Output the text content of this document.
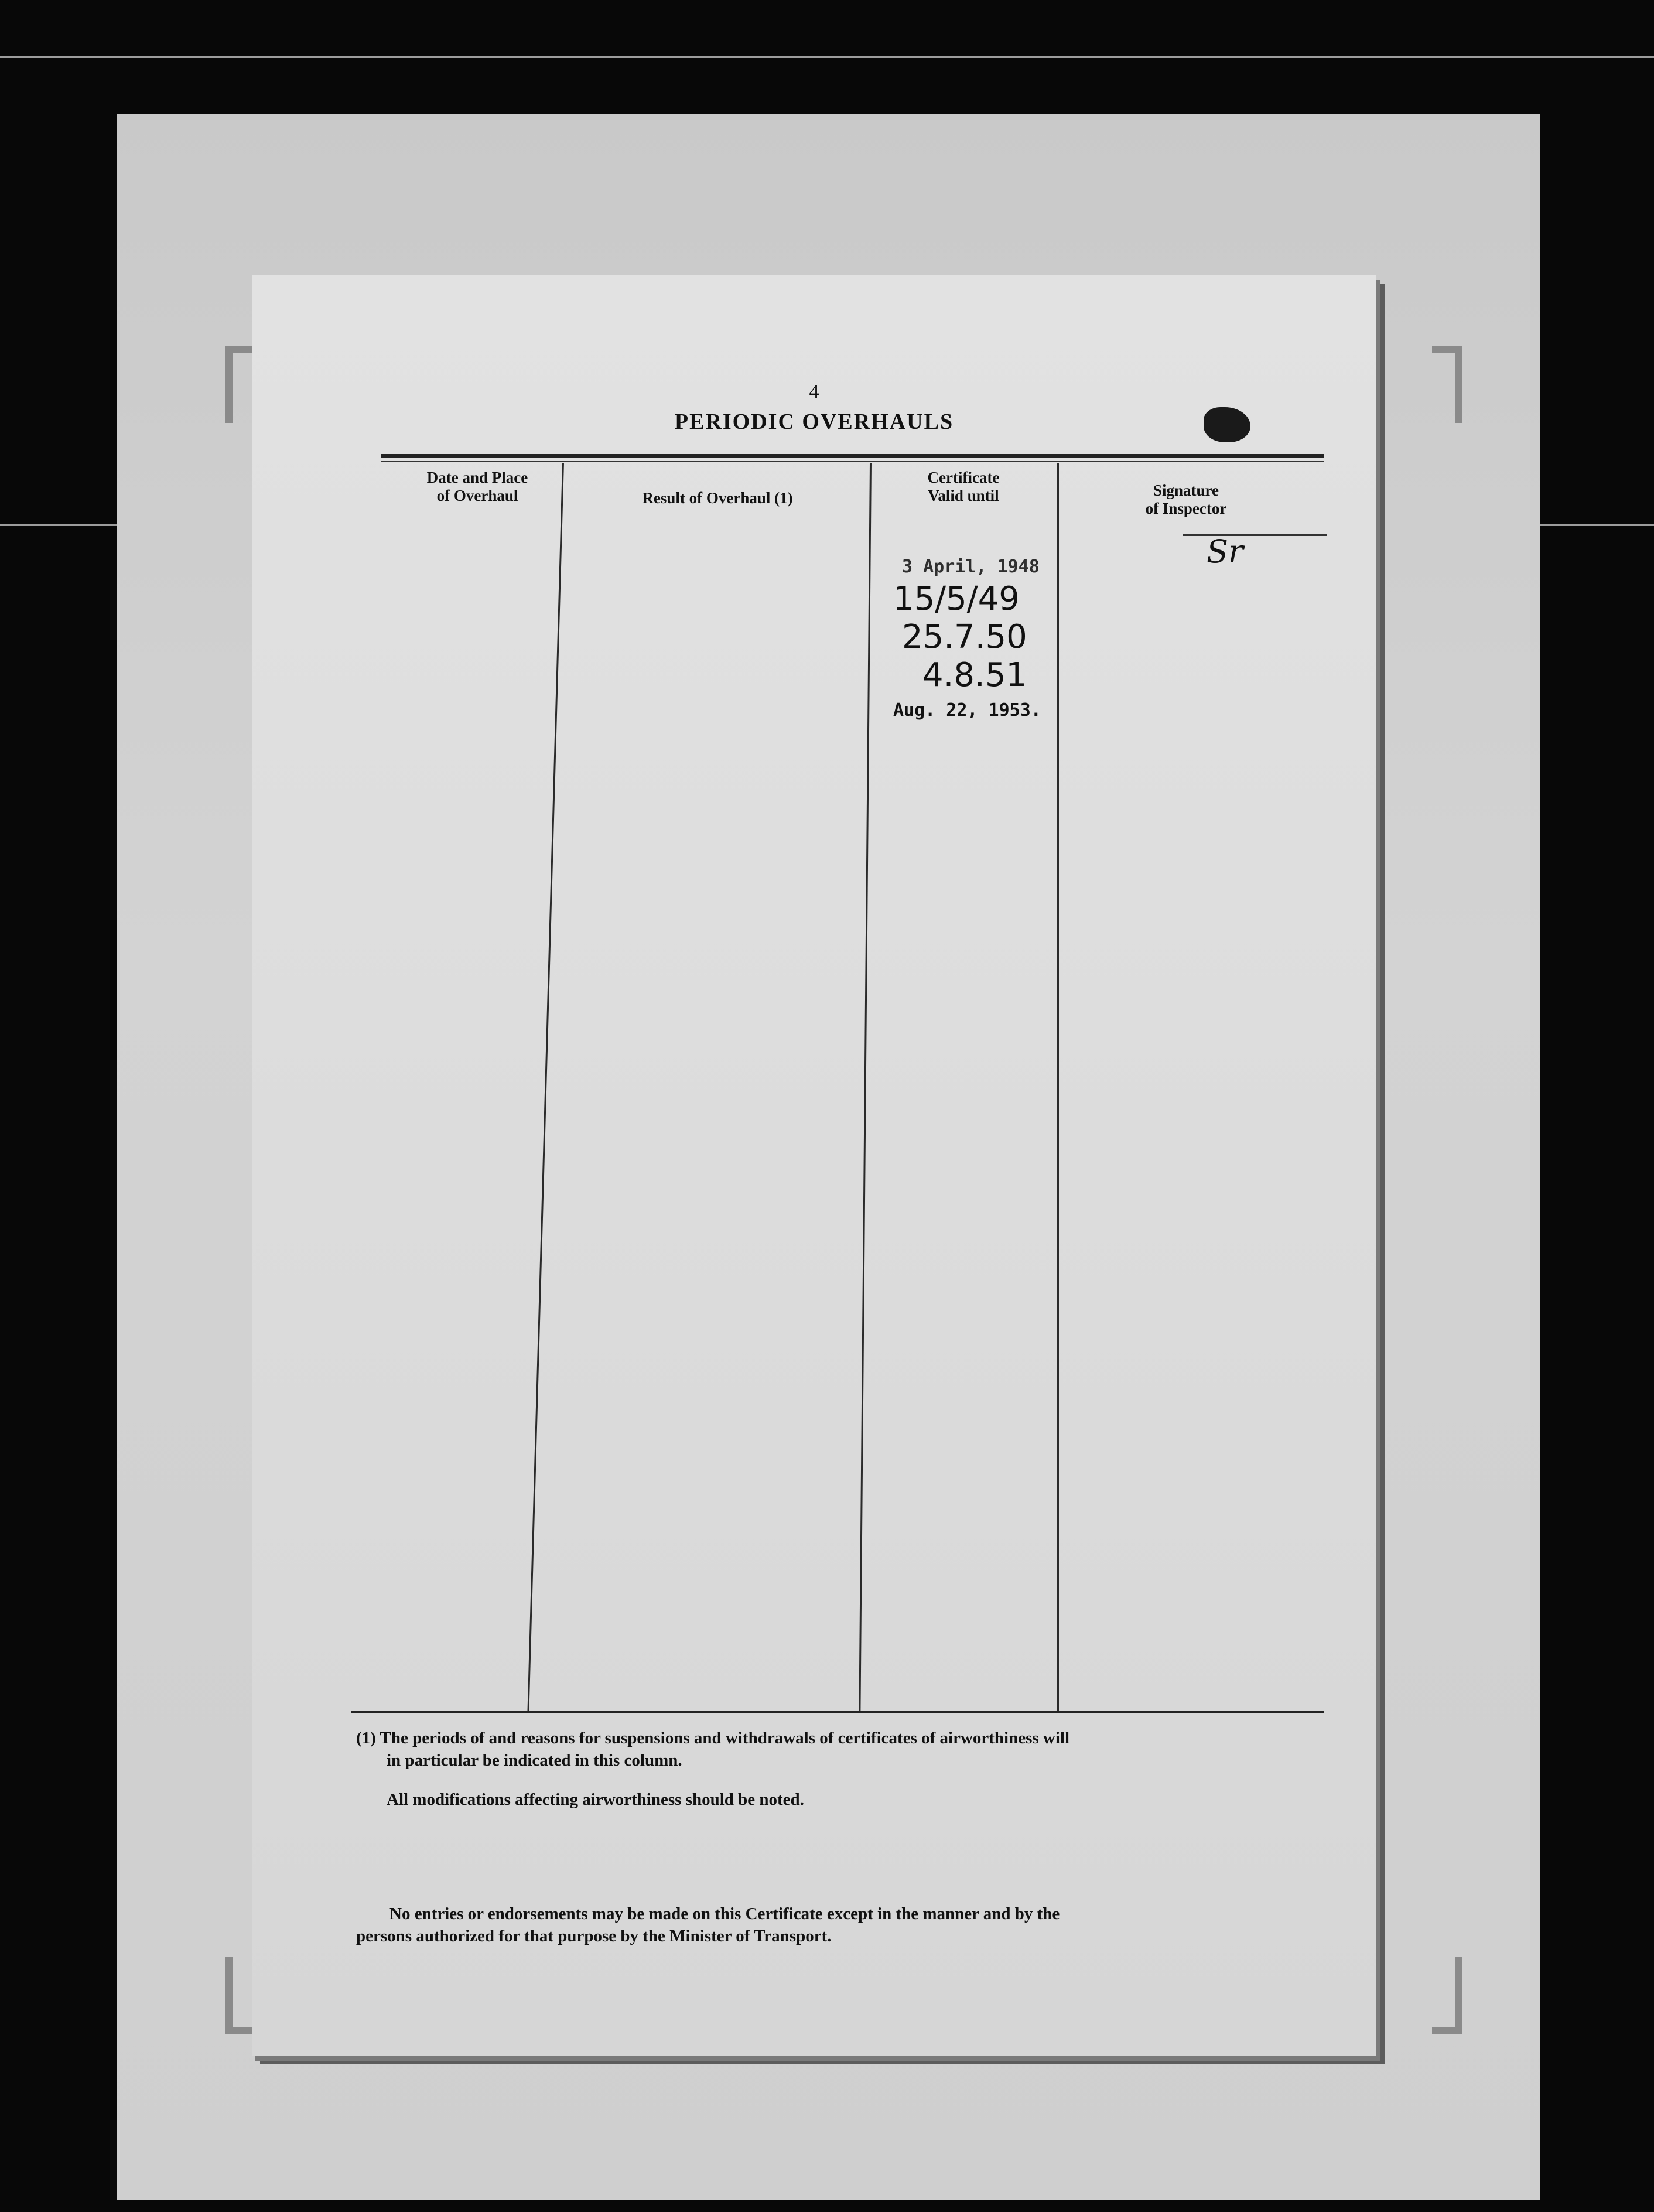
4
PERIODIC OVERHAULS
Date and Place
of Overhaul	Result of Overhaul (1)
Certificate
Valid until	Signature
of Inspector
3 April, 1948
15/5/49
25.7.50
4.8.51
Aug. 22, 1953.
Sr
(1) The periods of and reasons for suspensions and withdrawals of certificates of airworthiness will
in particular be indicated in this column.
All modifications affecting airworthiness should be noted.
No entries or endorsements may be made on this Certificate except in the manner and by the
persons authorized for that purpose by the Minister of Transport.
